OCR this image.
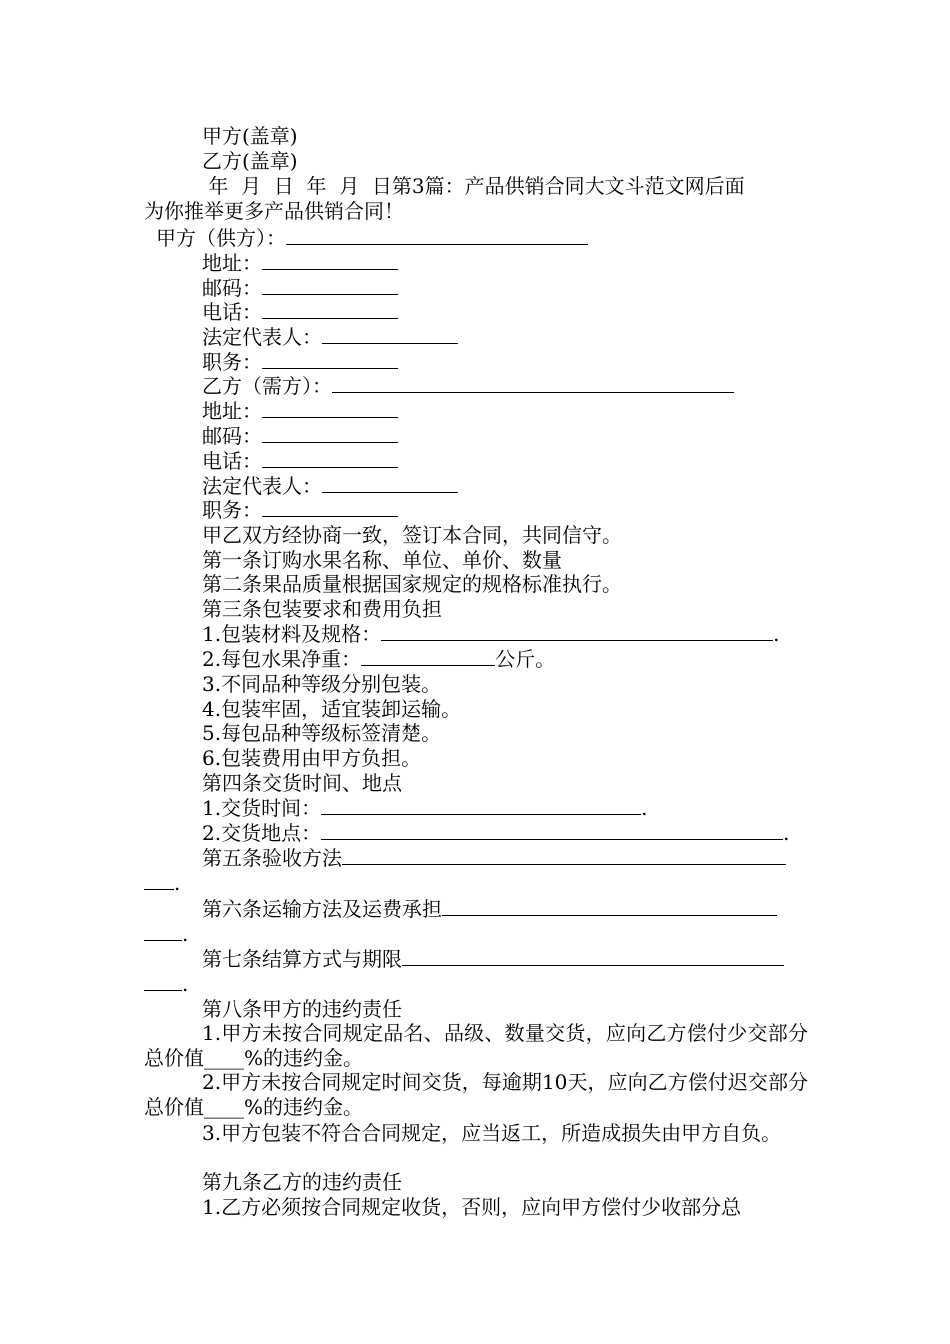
甲方(盖章)
乙方(盖章)
年  月  日  年  月  日第3篇：产品供销合同大文斗范文网后面
为你推举更多产品供销合同！
甲方（供方）：
地址：
邮码：
电话：
法定代表人：
职务：
乙方（需方）：
地址：
邮码：
电话：
法定代表人：
职务：
甲乙双方经协商一致，签订本合同，共同信守。
第一条订购水果名称、单位、单价、数量
第二条果品质量根据国家规定的规格标准执行。
第三条包装要求和费用负担
1.包装材料及规格：	.
2.每包水果净重：	公斤。
3.不同品种等级分别包装。
4.包装牢固，适宜装卸运输。
5.每包品种等级标签清楚。
6.包装费用由甲方负担。
第四条交货时间、地点
1.交货时间：	.
2.交货地点：	.
第五条验收方法
.
第六条运输方法及运费承担
.
第七条结算方式与期限
.
第八条甲方的违约责任
1.甲方未按合同规定品名、品级、数量交货，应向乙方偿付少交部分总价值____%的违约金。
2.甲方未按合同规定时间交货，每逾期10天，应向乙方偿付迟交部分总价值____%的违约金。
3.甲方包装不符合合同规定，应当返工，所造成损失由甲方自负。
第九条乙方的违约责任
1.乙方必须按合同规定收货，否则，应向甲方偿付少收部分总
